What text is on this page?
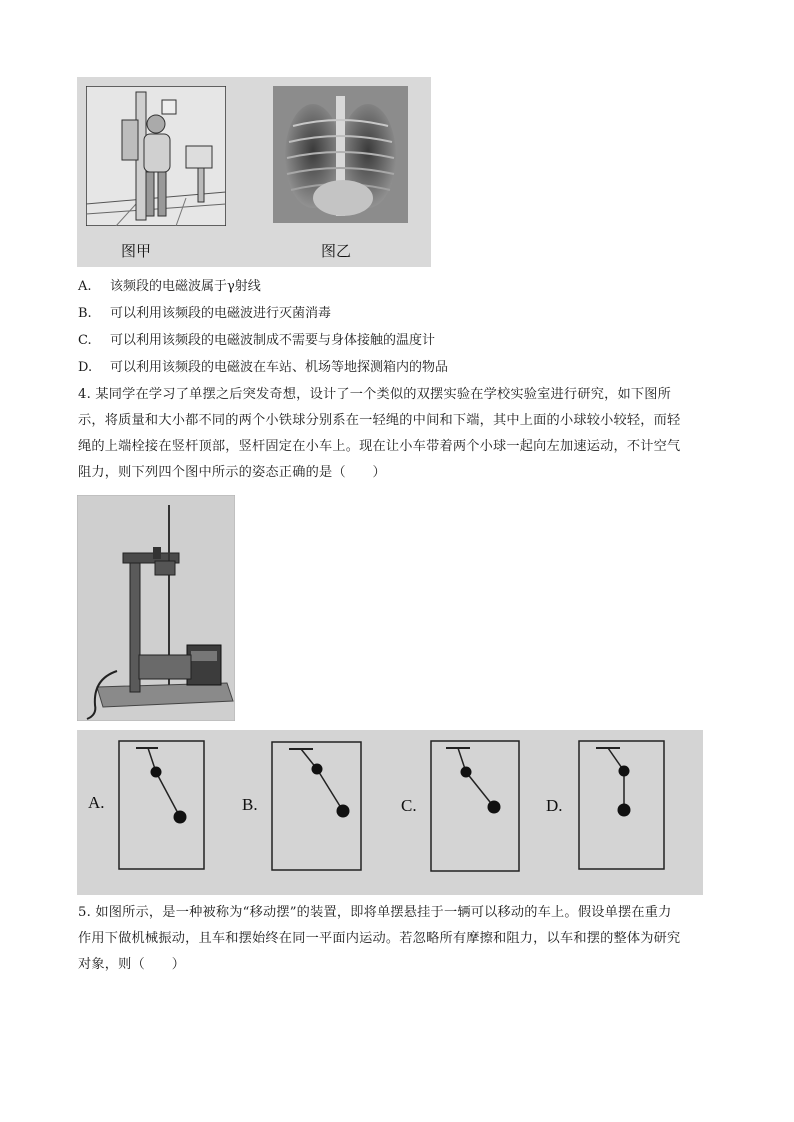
图甲	图乙
A. 该频段的电磁波属于γ射线
B. 可以利用该频段的电磁波进行灭菌消毒
C. 可以利用该频段的电磁波制成不需要与身体接触的温度计
D. 可以利用该频段的电磁波在车站、机场等地探测箱内的物品
4. 某同学在学习了单摆之后突发奇想，设计了一个类似的双摆实验在学校实验室进行研究，如下图所
示，将质量和大小都不同的两个小铁球分别系在一轻绳的中间和下端，其中上面的小球较小较轻，而轻
绳的上端栓接在竖杆顶部，竖杆固定在小车上。现在让小车带着两个小球一起向左加速运动，不计空气
阻力，则下列四个图中所示的姿态正确的是（　　）
A.	B.	C.	D.
5. 如图所示，是一种被称为“移动摆”的装置，即将单摆悬挂于一辆可以移动的车上。假设单摆在重力
作用下做机械振动，且车和摆始终在同一平面内运动。若忽略所有摩擦和阻力，以车和摆的整体为研究
对象，则（　　）
